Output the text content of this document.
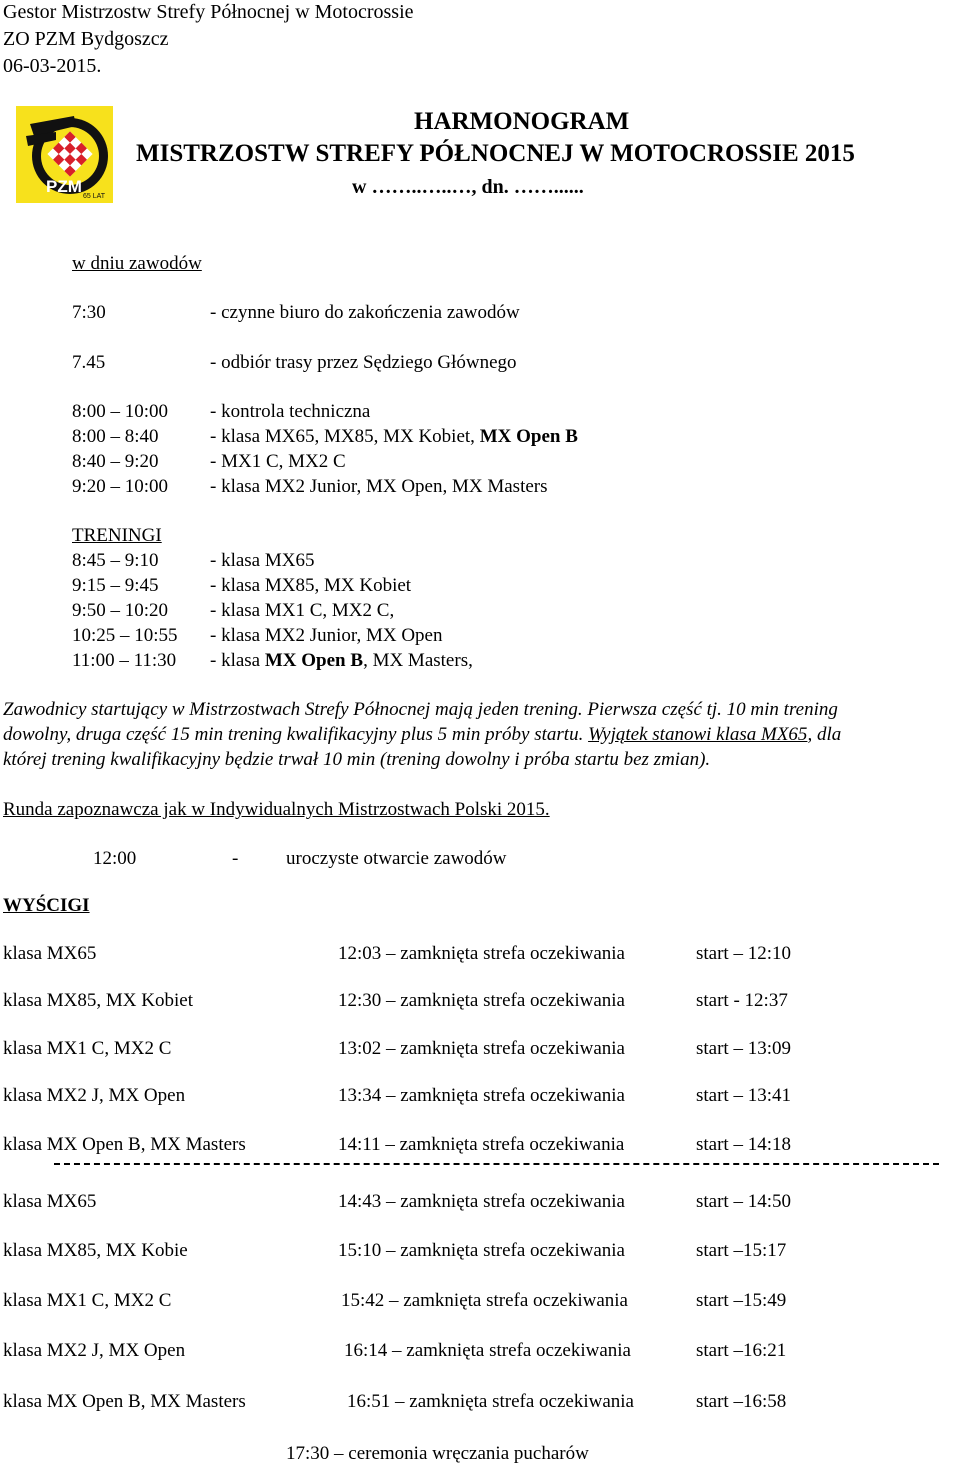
Gestor Mistrzostw Strefy Północnej w Motocrossie
ZO PZM Bydgoszcz
06-03-2015.
PZM
65 LAT
HARMONOGRAM
MISTRZOSTW STREFY PÓŁNOCNEJ W MOTOCROSSIE 2015
w ……..…..…, dn. ……......
w dniu zawodów
7:30	- czynne biuro do zakończenia zawodów
7.45	- odbiór trasy przez Sędziego Głównego
8:00 – 10:00 - kontrola techniczna
8:00 – 8:40	- klasa MX65, MX85, MX Kobiet, MX Open B
8:40 – 9:20	- MX1 C, MX2 C
9:20 – 10:00 - klasa MX2 Junior, MX Open, MX Masters
TRENINGI
8:45 – 9:10	- klasa MX65
9:15 – 9:45	- klasa MX85, MX Kobiet
9:50 – 10:20 - klasa MX1 C, MX2 C,
10:25 – 10:55 - klasa MX2 Junior, MX Open
11:00 – 11:30 - klasa MX Open B, MX Masters,
Zawodnicy startujący w Mistrzostwach Strefy Północnej mają jeden trening. Pierwsza część tj. 10 min trening
dowolny, druga część 15 min trening kwalifikacyjny plus 5 min próby startu. Wyjątek stanowi klasa MX65, dla
której trening kwalifikacyjny będzie trwał 10 min (trening dowolny i próba startu bez zmian).
Runda zapoznawcza jak w Indywidualnych Mistrzostwach Polski 2015.
12:00	-	uroczyste otwarcie zawodów
WYŚCIGI
klasa MX65	12:03 – zamknięta strefa oczekiwania	start – 12:10
klasa MX85, MX Kobiet	12:30 – zamknięta strefa oczekiwania	start - 12:37
klasa MX1 C, MX2 C	13:02 – zamknięta strefa oczekiwania	start – 13:09
klasa MX2 J, MX Open	13:34 – zamknięta strefa oczekiwania	start – 13:41
klasa MX Open B, MX Masters	14:11 – zamknięta strefa oczekiwania	start – 14:18
klasa MX65	14:43 – zamknięta strefa oczekiwania	start – 14:50
klasa MX85, MX Kobie	15:10 – zamknięta strefa oczekiwania	start –15:17
klasa MX1 C, MX2 C	15:42 – zamknięta strefa oczekiwania	start –15:49
klasa MX2 J, MX Open	16:14 – zamknięta strefa oczekiwania	start –16:21
klasa MX Open B, MX Masters	16:51 – zamknięta strefa oczekiwania	start –16:58
17:30 – ceremonia wręczania pucharów
